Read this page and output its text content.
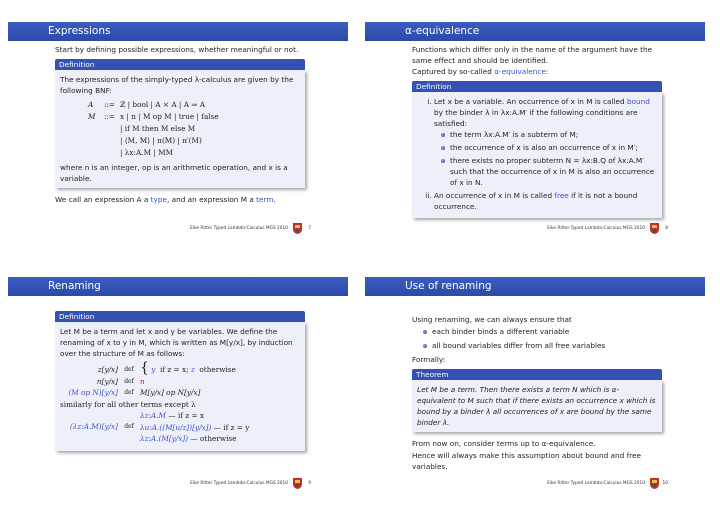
Expressions

Start by defining possible expressions, whether meaningful or not.

Definition
The expressions of the simply-typed λ-calculus are given by the following BNF:
A ::= ℤ | bool | A × A | A ⇒ A
M ::= x | n | M op M | true | false
| if M then M else M
| ⟨M, M⟩ | π(M) | π′(M)
| λx:A.M | MM
where n is an integer, op is an arithmetic operation, and x is a variable.

We call an expression A a type, and an expression M a term.

Eike Ritter Typed Lambda-Calculus MGS 2010	7
α-equivalence

Functions which differ only in the name of the argument have the same effect and should be identified.

Captured by so-called α-equivalence:

Definition
i. Let x be a variable. An occurrence of x in M is called bound by the binder λ in λx:A.M′ if the following conditions are satisfied:
the term λx:A.M′ is a subterm of M;
the occurrence of x is also an occurrence of x in M′;
there exists no proper subterm N = λx:B.Q of λx:A.M′ such that the occurrence of x in M is also an occurrence of x in N.
ii. An occurrence of x in M is called free if it is not a bound occurrence.
Eike Ritter Typed Lambda-Calculus MGS 2010	8
Renaming
Definition
Let M be a term and let x and y be variables. We define the renaming of x to y in M, which is written as M[y/x], by induction over the structure of M as follows:
z[y/x]	def { y if z = x; z otherwise
n[y/x]	def n
(M op N)[y/x]	def M[y/x] op N[y/x]
similarly for all other terms except λ
(λz:A.M)[y/x]	def
λz:A.M — if z = x
λu:A.((M[u/z])[y/x]) — if z = y
λz:A.(M[y/x]) — otherwise
Eike Ritter Typed Lambda-Calculus MGS 2010	9
Use of renaming

Using renaming, we can always ensure that

each binder binds a different variable
all bound variables differ from all free variables

Formally:

Theorem
Let M be a term. Then there exists a term N which is α-equivalent to M such that if there exists an occurrence x which is bound by a binder λ all occurrences of x are bound by the same binder λ.

From now on, consider terms up to α-equivalence.

Hence will always make this assumption about bound and free variables.

Eike Ritter Typed Lambda-Calculus MGS 2010	10
